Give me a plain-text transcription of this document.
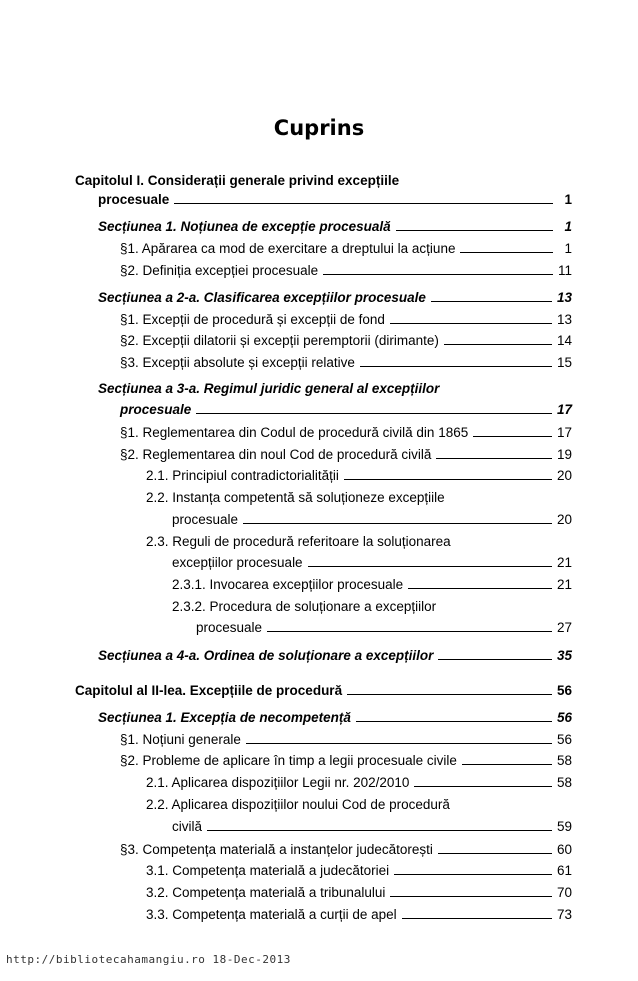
Cuprins
Capitolul I. Considerații generale privind excepțiile
procesuale	1
Secțiunea 1. Noțiunea de excepție procesuală	1
§1. Apărarea ca mod de exercitare a dreptului la acțiune	1
§2. Definiția excepției procesuale	11
Secțiunea a 2-a. Clasificarea excepțiilor procesuale	13
§1. Excepții de procedură și excepții de fond	13
§2. Excepții dilatorii și excepții peremptorii (dirimante)	14
§3. Excepții absolute și excepții relative	15
Secțiunea a 3-a. Regimul juridic general al excepțiilor
procesuale	17
§1. Reglementarea din Codul de procedură civilă din 1865	17
§2. Reglementarea din noul Cod de procedură civilă	19
2.1. Principiul contradictorialității	20
2.2. Instanța competentă să soluționeze excepțiile
procesuale	20
2.3. Reguli de procedură referitoare la soluționarea
excepțiilor procesuale	21
2.3.1. Invocarea excepțiilor procesuale	21
2.3.2. Procedura de soluționare a excepțiilor
procesuale	27
Secțiunea a 4-a. Ordinea de soluționare a excepțiilor	35
Capitolul al II-lea. Excepțiile de procedură	56
Secțiunea 1. Excepția de necompetență	56
§1. Noțiuni generale	56
§2. Probleme de aplicare în timp a legii procesuale civile	58
2.1. Aplicarea dispozițiilor Legii nr. 202/2010	58
2.2. Aplicarea dispozițiilor noului Cod de procedură
civilă	59
§3. Competența materială a instanțelor judecătorești	60
3.1. Competența materială a judecătoriei	61
3.2. Competența materială a tribunalului	70
3.3. Competența materială a curții de apel	73
http://bibliotecahamangiu.ro 18-Dec-2013
